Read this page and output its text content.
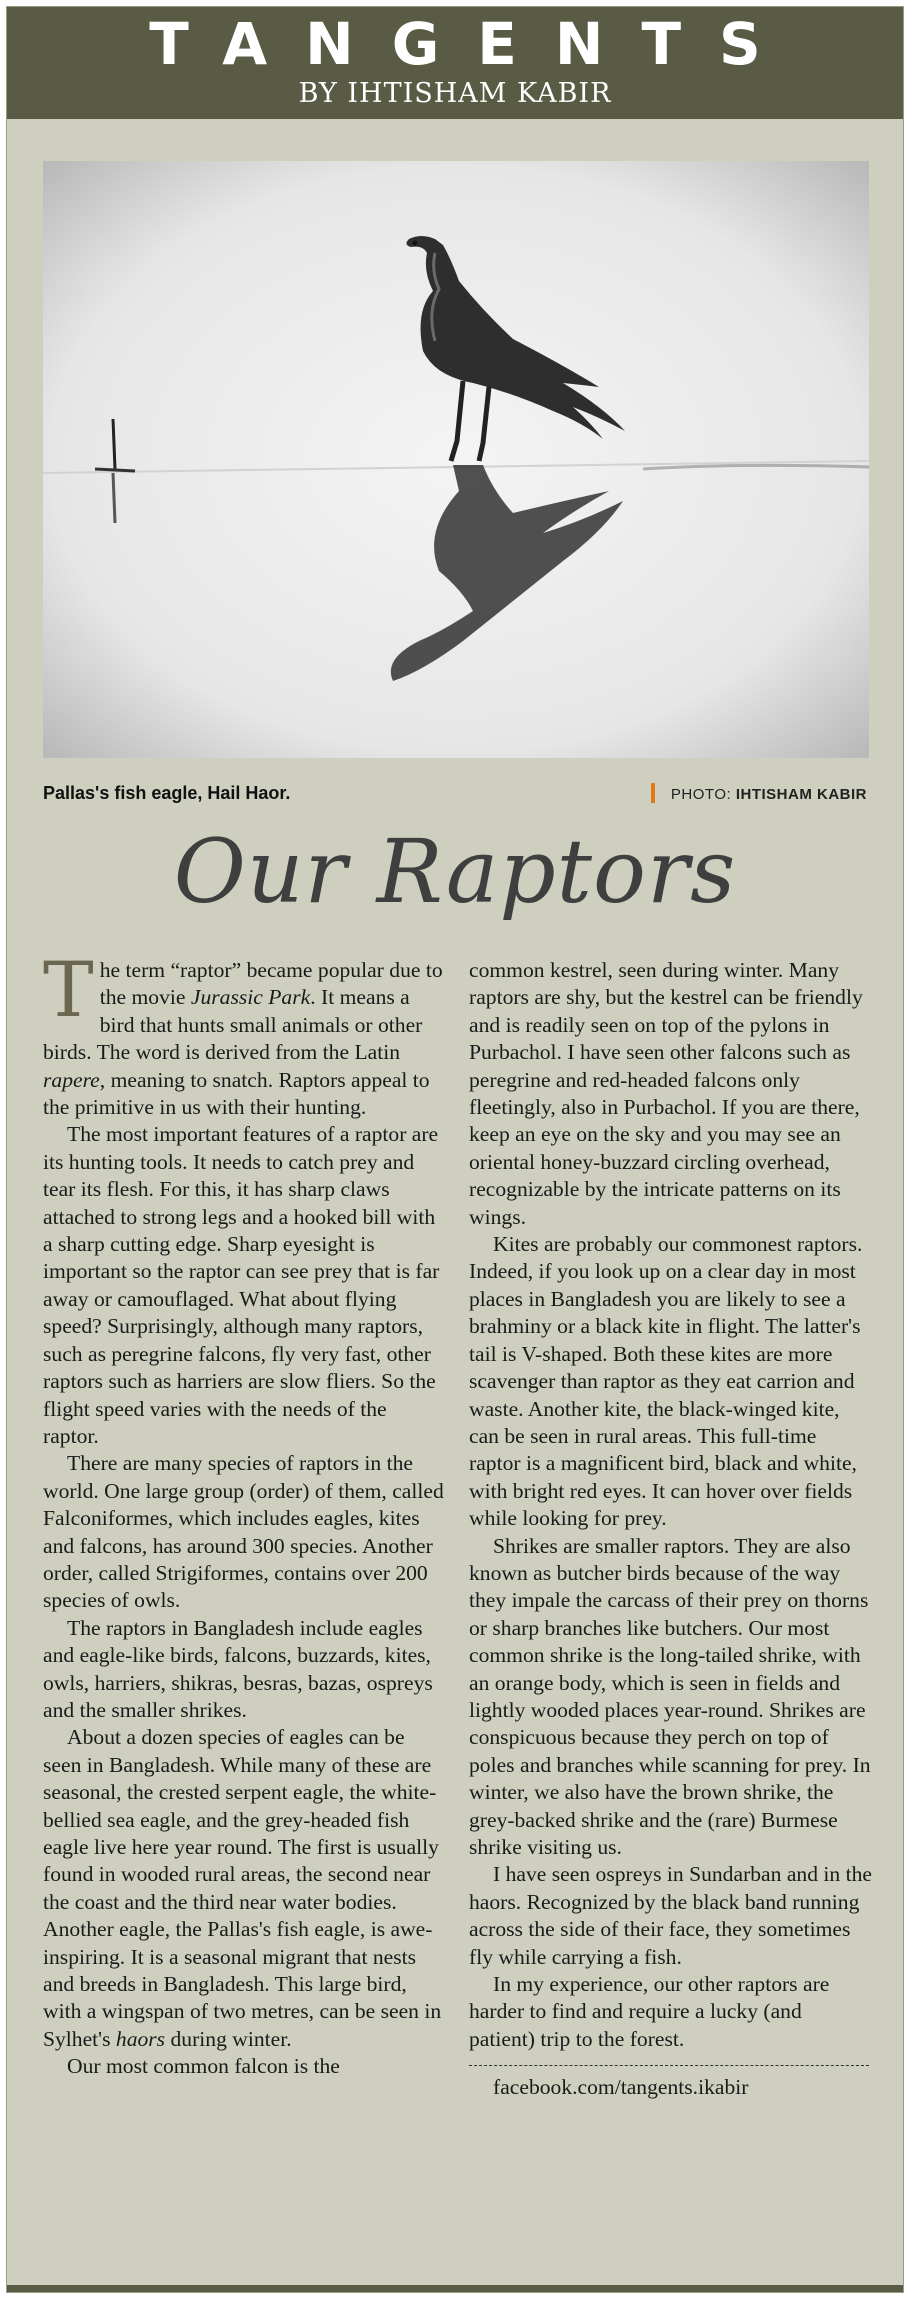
TANGENTS
BY IHTISHAM KABIR
Pallas's fish eagle, Hail Haor.	PHOTO: IHTISHAM KABIR
Our Raptors

The term “raptor” became popular due to the movie Jurassic Park. It means a bird that hunts small animals or other birds. The word is derived from the Latin rapere, meaning to snatch. Raptors appeal to the primitive in us with their hunting.

The most important features of a raptor are its hunting tools. It needs to catch prey and tear its flesh. For this, it has sharp claws attached to strong legs and a hooked bill with a sharp cutting edge. Sharp eyesight is important so the raptor can see prey that is far away or camouflaged. What about flying speed? Surprisingly, although many raptors, such as peregrine falcons, fly very fast, other raptors such as harriers are slow fliers. So the flight speed varies with the needs of the raptor.

There are many species of raptors in the world. One large group (order) of them, called Falconiformes, which includes eagles, kites and falcons, has around 300 species. Another order, called Strigiformes, contains over 200 species of owls.

The raptors in Bangladesh include eagles and eagle-like birds, falcons, buzzards, kites, owls, harriers, shikras, besras, bazas, ospreys and the smaller shrikes.

About a dozen species of eagles can be seen in Bangladesh. While many of these are seasonal, the crested serpent eagle, the white-bellied sea eagle, and the grey-headed fish eagle live here year round. The first is usually found in wooded rural areas, the second near the coast and the third near water bodies. Another eagle, the Pallas's fish eagle, is awe-inspiring. It is a seasonal migrant that nests and breeds in Bangladesh. This large bird, with a wingspan of two metres, can be seen in Sylhet's haors during winter.

Our most common falcon is the

common kestrel, seen during winter. Many raptors are shy, but the kestrel can be friendly and is readily seen on top of the pylons in Purbachol. I have seen other falcons such as peregrine and red-headed falcons only fleetingly, also in Purbachol. If you are there, keep an eye on the sky and you may see an oriental honey-buzzard circling overhead, recognizable by the intricate patterns on its wings.

Kites are probably our commonest raptors. Indeed, if you look up on a clear day in most places in Bangladesh you are likely to see a brahminy or a black kite in flight. The latter's tail is V-shaped. Both these kites are more scavenger than raptor as they eat carrion and waste. Another kite, the black-winged kite, can be seen in rural areas. This full-time raptor is a magnificent bird, black and white, with bright red eyes. It can hover over fields while looking for prey.

Shrikes are smaller raptors. They are also known as butcher birds because of the way they impale the carcass of their prey on thorns or sharp branches like butchers. Our most common shrike is the long-tailed shrike, with an orange body, which is seen in fields and lightly wooded places year-round. Shrikes are conspicuous because they perch on top of poles and branches while scanning for prey. In winter, we also have the brown shrike, the grey-backed shrike and the (rare) Burmese shrike visiting us.

I have seen ospreys in Sundarban and in the haors. Recognized by the black band running across the side of their face, they sometimes fly while carrying a fish.

In my experience, our other raptors are harder to find and require a lucky (and patient) trip to the forest.

facebook.com/tangents.ikabir
